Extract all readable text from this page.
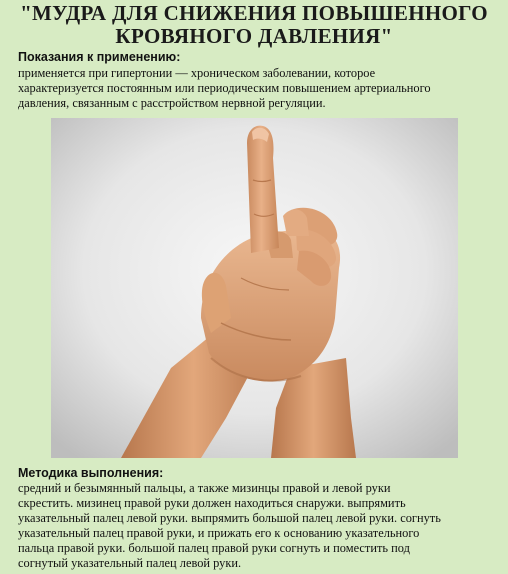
"МУДРА ДЛЯ СНИЖЕНИЯ ПОВЫШЕННОГО
КРОВЯНОГО ДАВЛЕНИЯ"

Показания к применению:

применяется при гипертонии — хроническом заболевании, которое
характеризуется постоянным или периодическим повышением артериального
давления, связанным с расстройством нервной регуляции.

Методика выполнения:

средний и безымянный пальцы, а также мизинцы правой и левой руки
скрестить. мизинец правой руки должен находиться снаружи. выпрямить
указательный палец левой руки. выпрямить большой палец левой руки. согнуть
указательный палец правой руки, и прижать его к основанию указательного
пальца правой руки. большой палец правой руки согнуть и поместить под
согнутый указательный палец левой руки.
